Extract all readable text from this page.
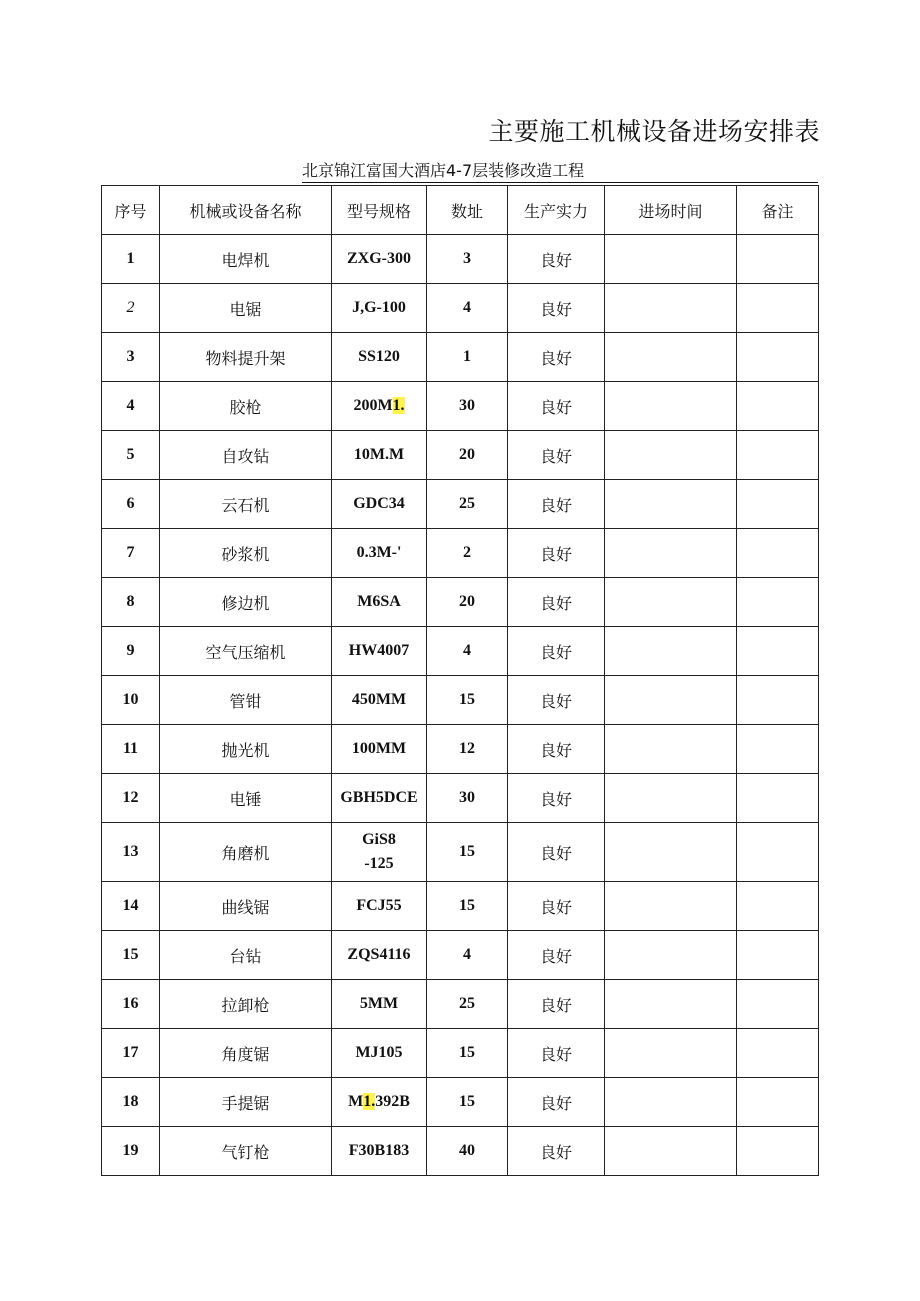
主要施工机械设备进场安排表
北京锦江富国大酒店4-7层装修改造工程
序号	机械或设备名称	型号规格	数址	生产实力	进场时间	备注
1	电焊机	ZXG-300	3	良好		
2	电锯	J,G-100	4	良好		
3	物料提升架	SS120	1	良好		
4	胶枪	200M1.	30	良好		
5	自攻钻	10M.M	20	良好		
6	云石机	GDC34	25	良好		
7	砂浆机	0.3M-'	2	良好		
8	修边机	M6SA	20	良好		
9	空气压缩机	HW4007	4	良好		
10	管钳	450MM	15	良好		
11	抛光机	100MM	12	良好		
12	电锤	GBH5DCE	30	良好		
13	角磨机	GiS8
-125	15	良好		
14	曲线锯	FCJ55	15	良好		
15	台钻	ZQS4116	4	良好		
16	拉卸枪	5MM	25	良好		
17	角度锯	MJ105	15	良好		
18	手提锯	M1.392B	15	良好		
19	气钉枪	F30B183	40	良好		
